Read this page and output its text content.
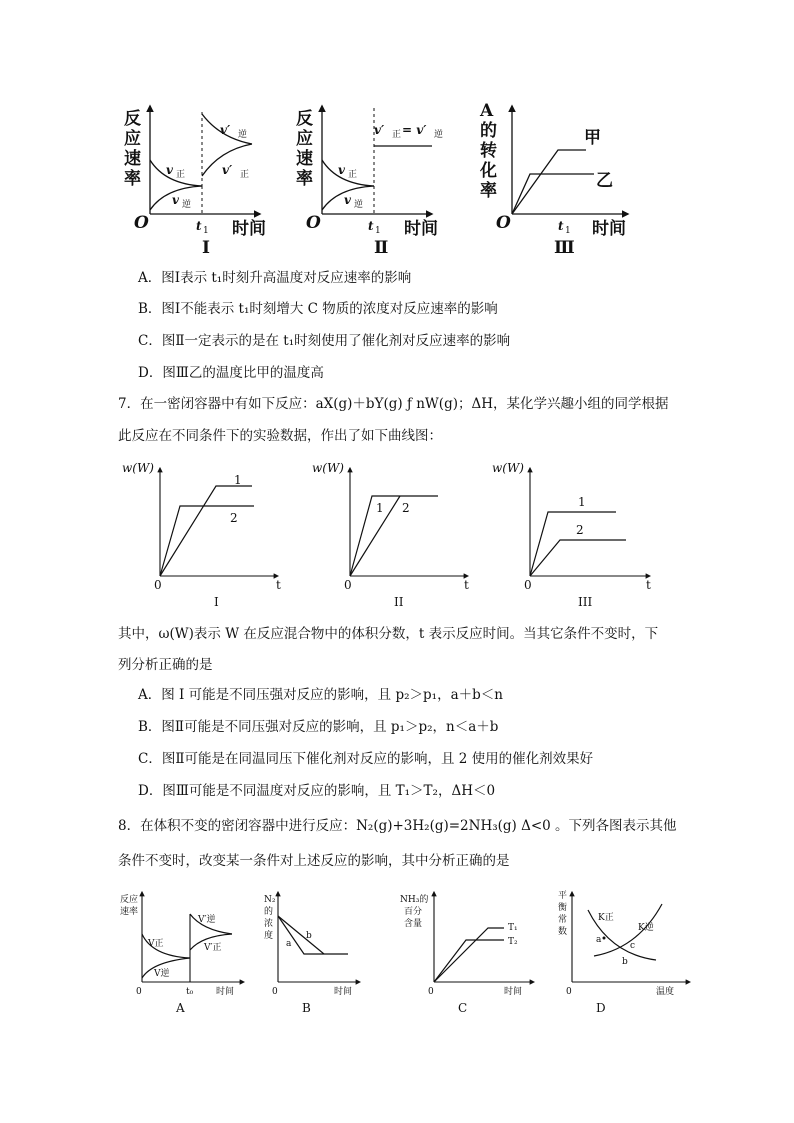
反
应
速
率
v′ 逆
v′ 正
v 正
v 逆
O	t 1 时间
Ⅰ
反
应
速
率
v′ 正 = v′ 逆
v 正
v 逆
O	t 1 时间
Ⅱ
A
的
转
化
率
甲
乙
O	t 1 时间
Ⅲ
A．图Ⅰ表示 t₁时刻升高温度对反应速率的影响
B．图Ⅰ不能表示 t₁时刻增大 C 物质的浓度对反应速率的影响
C．图Ⅱ一定表示的是在 t₁时刻使用了催化剂对反应速率的影响
D．图Ⅲ乙的温度比甲的温度高
7．在一密闭容器中有如下反应：aX(g)＋bY(g) ƒ nW(g)；ΔH，某化学兴趣小组的同学根据
此反应在不同条件下的实验数据，作出了如下曲线图：
w(W)
1
2
0	t
I
w(W)
1 2
0	t
II
w(W)
1
2
0	t
III
其中，ω(W)表示 W 在反应混合物中的体积分数，t 表示反应时间。当其它条件不变时，下
列分析正确的是
A．图 I 可能是不同压强对反应的影响，且 p₂＞p₁，a＋b＜n
B．图Ⅱ可能是不同压强对反应的影响，且 p₁＞p₂，n＜a＋b
C．图Ⅱ可能是在同温同压下催化剂对反应的影响，且 2 使用的催化剂效果好
D．图Ⅲ可能是不同温度对反应的影响，且 T₁＞T₂，ΔH＜0
8．在体积不变的密闭容器中进行反应：N₂(g)+3H₂(g)=2NH₃(g) Δ<0 。下列各图表示其他
条件不变时，改变某一条件对上述反应的影响，其中分析正确的是
反应
速率
V′逆
V′正
V正
V逆
0	t₀	时间
A
N₂
的
浓
度
a
b
0	时间
B
NH₃的
百分
含量	T₁
T₂
0	时间
C
平
衡
常
数
K正
K逆
a
b
c
0	温度
D
